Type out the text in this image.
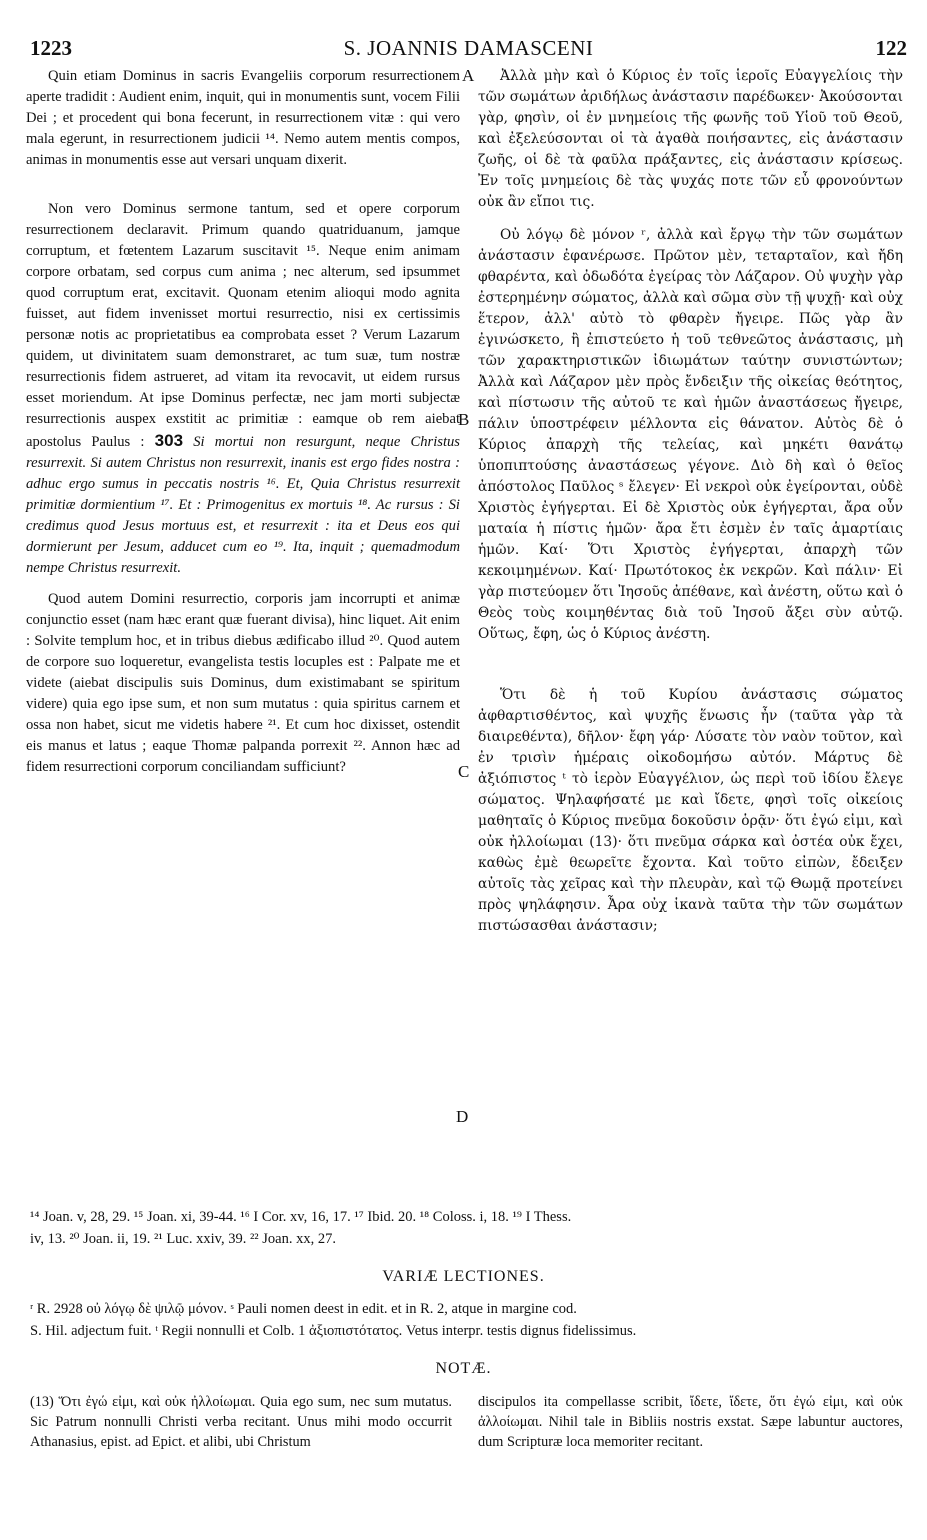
1223	S. JOANNIS DAMASCENI	122
A
B
C
D

Quin etiam Dominus in sacris Evangeliis corporum resurrectionem aperte tradidit : Audient enim, inquit, qui in monumentis sunt, vocem Filii Dei ; et procedent qui bona fecerunt, in resurrectionem vitæ : qui vero mala egerunt, in resurrectionem judicii ¹⁴. Nemo autem mentis compos, animas in monumentis esse aut versari unquam dixerit.

Non vero Dominus sermone tantum, sed et opere corporum resurrectionem declaravit. Primum quando quatriduanum, jamque corruptum, et fœtentem Lazarum suscitavit ¹⁵. Neque enim animam corpore orbatam, sed corpus cum anima ; nec alterum, sed ipsummet quod corruptum erat, excitavit. Quonam etenim alioqui modo agnita fuisset, aut fidem invenisset mortui resurrectio, nisi ex certissimis personæ notis ac proprietatibus ea comprobata esset ? Verum Lazarum quidem, ut divinitatem suam demonstraret, ac tum suæ, tum nostræ resurrectionis fidem astrueret, ad vitam ita revocavit, ut eidem rursus esset moriendum. At ipse Dominus perfectæ, nec jam morti subjectæ resurrectionis auspex exstitit ac primitiæ : eamque ob rem aiebat apostolus Paulus : 303 Si mortui non resurgunt, neque Christus resurrexit. Si autem Christus non resurrexit, inanis est ergo fides nostra : adhuc ergo sumus in peccatis nostris ¹⁶. Et, Quia Christus resurrexit primitiæ dormientium ¹⁷. Et : Primogenitus ex mortuis ¹⁸. Ac rursus : Si credimus quod Jesus mortuus est, et resurrexit : ita et Deus eos qui dormierunt per Jesum, adducet cum eo ¹⁹. Ita, inquit ; quemadmodum nempe Christus resurrexit.

Quod autem Domini resurrectio, corporis jam incorrupti et animæ conjunctio esset (nam hæc erant quæ fuerant divisa), hinc liquet. Ait enim : Solvite templum hoc, et in tribus diebus ædificabo illud ²⁰. Quod autem de corpore suo loqueretur, evangelista testis locuples est : Palpate me et videte (aiebat discipulis suis Dominus, dum existimabant se spiritum videre) quia ego ipse sum, et non sum mutatus : quia spiritus carnem et ossa non habet, sicut me videtis habere ²¹. Et cum hoc dixisset, ostendit eis manus et latus ; eaque Thomæ palpanda porrexit ²². Annon hæc ad fidem resurrectioni corporum conciliandam sufficiunt?

Ἀλλὰ μὴν καὶ ὁ Κύριος ἐν τοῖς ἱεροῖς Εὐαγγελίοις τὴν τῶν σωμάτων ἀριδήλως ἀνάστασιν παρέδωκεν· Ἀκούσονται γὰρ, φησὶν, οἱ ἐν μνημείοις τῆς φωνῆς τοῦ Υἱοῦ τοῦ Θεοῦ, καὶ ἐξελεύσονται οἱ τὰ ἀγαθὰ ποιήσαντες, εἰς ἀνάστασιν ζωῆς, οἱ δὲ τὰ φαῦλα πράξαντες, εἰς ἀνάστασιν κρίσεως. Ἐν τοῖς μνημείοις δὲ τὰς ψυχάς ποτε τῶν εὖ φρονούντων οὐκ ἂν εἴποι τις.

Οὐ λόγῳ δὲ μόνον ʳ, ἀλλὰ καὶ ἔργῳ τὴν τῶν σωμάτων ἀνάστασιν ἐφανέρωσε. Πρῶτον μὲν, τεταρταῖον, καὶ ἤδη φθαρέντα, καὶ ὀδωδότα ἐγείρας τὸν Λάζαρον. Οὐ ψυχὴν γὰρ ἐστερημένην σώματος, ἀλλὰ καὶ σῶμα σὺν τῇ ψυχῇ· καὶ οὐχ ἕτερον, ἀλλ' αὐτὸ τὸ φθαρὲν ἤγειρε. Πῶς γὰρ ἂν ἐγινώσκετο, ἢ ἐπιστεύετο ἡ τοῦ τεθνεῶτος ἀνάστασις, μὴ τῶν χαρακτηριστικῶν ἰδιωμάτων ταύτην συνιστώντων; Ἀλλὰ καὶ Λάζαρον μὲν πρὸς ἔνδειξιν τῆς οἰκείας θεότητος, καὶ πίστωσιν τῆς αὐτοῦ τε καὶ ἡμῶν ἀναστάσεως ἤγειρε, πάλιν ὑποστρέφειν μέλλοντα εἰς θάνατον. Αὐτὸς δὲ ὁ Κύριος ἀπαρχὴ τῆς τελείας, καὶ μηκέτι θανάτῳ ὑποπιπτούσης ἀναστάσεως γέγονε. Διὸ δὴ καὶ ὁ θεῖος ἀπόστολος Παῦλος ˢ ἔλεγεν· Εἰ νεκροὶ οὐκ ἐγείρονται, οὐδὲ Χριστὸς ἐγήγερται. Εἰ δὲ Χριστὸς οὐκ ἐγήγερται, ἄρα οὖν ματαία ἡ πίστις ἡμῶν· ἄρα ἔτι ἐσμὲν ἐν ταῖς ἁμαρτίαις ἡμῶν. Καί· Ὅτι Χριστὸς ἐγήγερται, ἀπαρχὴ τῶν κεκοιμημένων. Καί· Πρωτότοκος ἐκ νεκρῶν. Καὶ πάλιν· Εἰ γὰρ πιστεύομεν ὅτι Ἰησοῦς ἀπέθανε, καὶ ἀνέστη, οὕτω καὶ ὁ Θεὸς τοὺς κοιμηθέντας διὰ τοῦ Ἰησοῦ ἄξει σὺν αὐτῷ. Οὕτως, ἔφη, ὡς ὁ Κύριος ἀνέστη.

Ὅτι δὲ ἡ τοῦ Κυρίου ἀνάστασις σώματος ἀφθαρτισθέντος, καὶ ψυχῆς ἕνωσις ἦν (ταῦτα γὰρ τὰ διαιρεθέντα), δῆλον· ἔφη γάρ· Λύσατε τὸν ναὸν τοῦτον, καὶ ἐν τρισὶν ἡμέραις οἰκοδομήσω αὐτόν. Μάρτυς δὲ ἀξιόπιστος ᵗ τὸ ἱερὸν Εὐαγγέλιον, ὡς περὶ τοῦ ἰδίου ἔλεγε σώματος. Ψηλαφήσατέ με καὶ ἴδετε, φησὶ τοῖς οἰκείοις μαθηταῖς ὁ Κύριος πνεῦμα δοκοῦσιν ὁρᾷν· ὅτι ἐγώ εἰμι, καὶ οὐκ ἠλλοίωμαι (13)· ὅτι πνεῦμα σάρκα καὶ ὀστέα οὐκ ἔχει, καθὼς ἐμὲ θεωρεῖτε ἔχοντα. Καὶ τοῦτο εἰπὼν, ἔδειξεν αὐτοῖς τὰς χεῖρας καὶ τὴν πλευρὰν, καὶ τῷ Θωμᾷ προτείνει πρὸς ψηλάφησιν. Ἆρα οὐχ ἱκανὰ ταῦτα τὴν τῶν σωμάτων πιστώσασθαι ἀνάστασιν;

¹⁴ Joan. v, 28, 29. ¹⁵ Joan. xi, 39-44. ¹⁶ I Cor. xv, 16, 17. ¹⁷ Ibid. 20. ¹⁸ Coloss. i, 18. ¹⁹ I Thess.
iv, 13. ²⁰ Joan. ii, 19. ²¹ Luc. xxiv, 39. ²² Joan. xx, 27.
VARIÆ LECTIONES.
ʳ R. 2928 οὐ λόγῳ δὲ ψιλῷ μόνον. ˢ Pauli nomen deest in edit. et in R. 2, atque in margine cod.
S. Hil. adjectum fuit. ᵗ Regii nonnulli et Colb. 1 ἀξιοπιστότατος. Vetus interpr. testis dignus fidelissimus.
NOTÆ.

(13) Ὅτι ἐγώ εἰμι, καὶ οὐκ ἠλλοίωμαι. Quia ego sum, nec sum mutatus. Sic Patrum nonnulli Christi verba recitant. Unus mihi modo occurrit Athanasius, epist. ad Epict. et alibi, ubi Christum

discipulos ita compellasse scribit, ἴδετε, ἴδετε, ὅτι ἐγώ εἰμι, καὶ οὐκ ἀλλοίωμαι. Nihil tale in Bibliis nostris exstat. Sæpe labuntur auctores, dum Scripturæ loca memoriter recitant.
